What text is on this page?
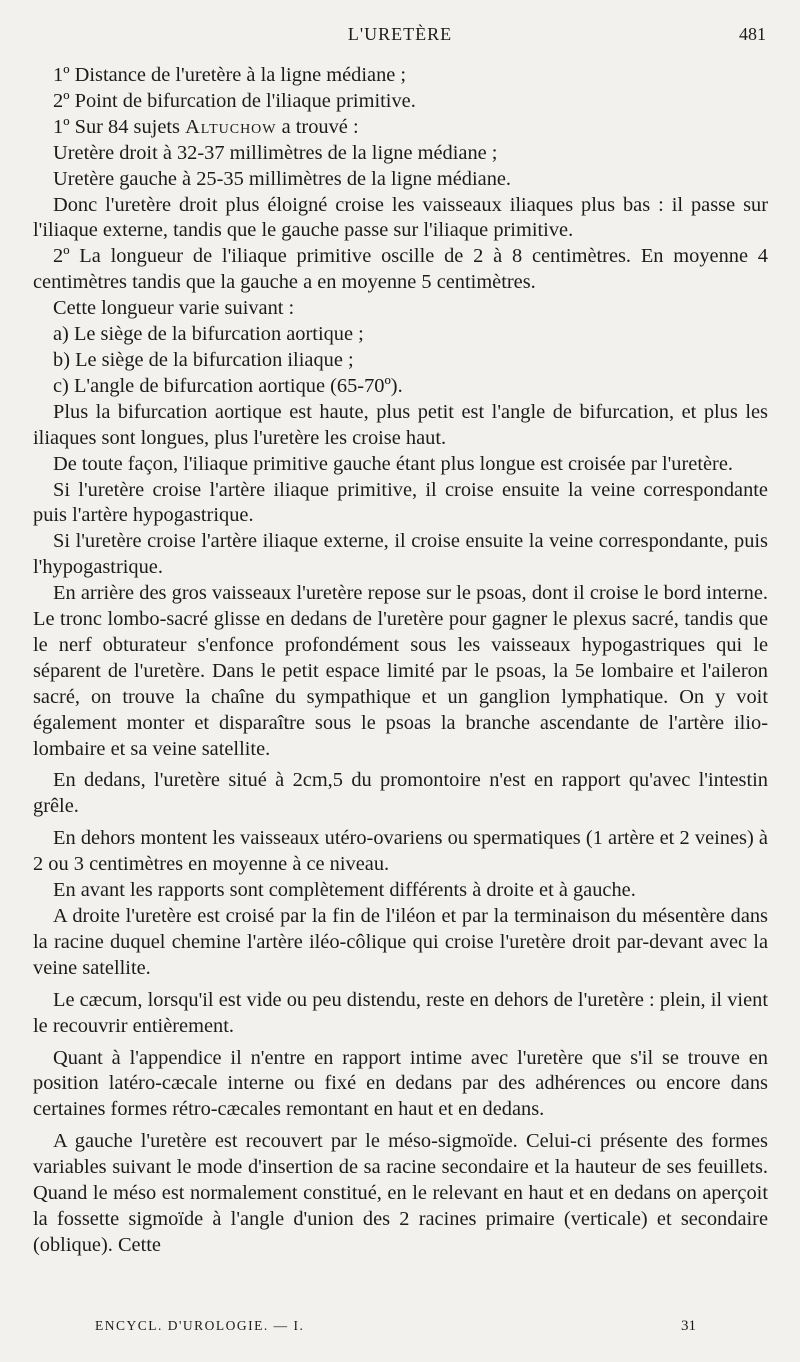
L'URETÈRE	481

1º Distance de l'uretère à la ligne médiane ;

2º Point de bifurcation de l'iliaque primitive.

1º Sur 84 sujets Altuchow a trouvé :

Uretère droit à 32-37 millimètres de la ligne médiane ;

Uretère gauche à 25-35 millimètres de la ligne médiane.

Donc l'uretère droit plus éloigné croise les vaisseaux iliaques plus bas : il passe sur l'iliaque externe, tandis que le gauche passe sur l'iliaque primitive.

2º La longueur de l'iliaque primitive oscille de 2 à 8 centimètres. En moyenne 4 centimètres tandis que la gauche a en moyenne 5 centimètres.

Cette longueur varie suivant :

a) Le siège de la bifurcation aortique ;

b) Le siège de la bifurcation iliaque ;

c) L'angle de bifurcation aortique (65-70º).

Plus la bifurcation aortique est haute, plus petit est l'angle de bifurcation, et plus les iliaques sont longues, plus l'uretère les croise haut.

De toute façon, l'iliaque primitive gauche étant plus longue est croisée par l'uretère.

Si l'uretère croise l'artère iliaque primitive, il croise ensuite la veine correspondante puis l'artère hypogastrique.

Si l'uretère croise l'artère iliaque externe, il croise ensuite la veine correspondante, puis l'hypogastrique.

En arrière des gros vaisseaux l'uretère repose sur le psoas, dont il croise le bord interne. Le tronc lombo-sacré glisse en dedans de l'uretère pour gagner le plexus sacré, tandis que le nerf obturateur s'enfonce profondément sous les vaisseaux hypogastriques qui le séparent de l'uretère. Dans le petit espace limité par le psoas, la 5e lombaire et l'aileron sacré, on trouve la chaîne du sympathique et un ganglion lymphatique. On y voit également monter et disparaître sous le psoas la branche ascendante de l'artère ilio-lombaire et sa veine satellite.

En dedans, l'uretère situé à 2cm,5 du promontoire n'est en rapport qu'avec l'intestin grêle.

En dehors montent les vaisseaux utéro-ovariens ou spermatiques (1 artère et 2 veines) à 2 ou 3 centimètres en moyenne à ce niveau.

En avant les rapports sont complètement différents à droite et à gauche.

A droite l'uretère est croisé par la fin de l'iléon et par la terminaison du mésentère dans la racine duquel chemine l'artère iléo-côlique qui croise l'uretère droit par-devant avec la veine satellite.

Le cæcum, lorsqu'il est vide ou peu distendu, reste en dehors de l'uretère : plein, il vient le recouvrir entièrement.

Quant à l'appendice il n'entre en rapport intime avec l'uretère que s'il se trouve en position latéro-cæcale interne ou fixé en dedans par des adhérences ou encore dans certaines formes rétro-cæcales remontant en haut et en dedans.

A gauche l'uretère est recouvert par le méso-sigmoïde. Celui-ci présente des formes variables suivant le mode d'insertion de sa racine secondaire et la hauteur de ses feuillets. Quand le méso est normalement constitué, en le relevant en haut et en dedans on aperçoit la fossette sigmoïde à l'angle d'union des 2 racines primaire (verticale) et secondaire (oblique). Cette

ENCYCL. D'UROLOGIE. — I.	31
